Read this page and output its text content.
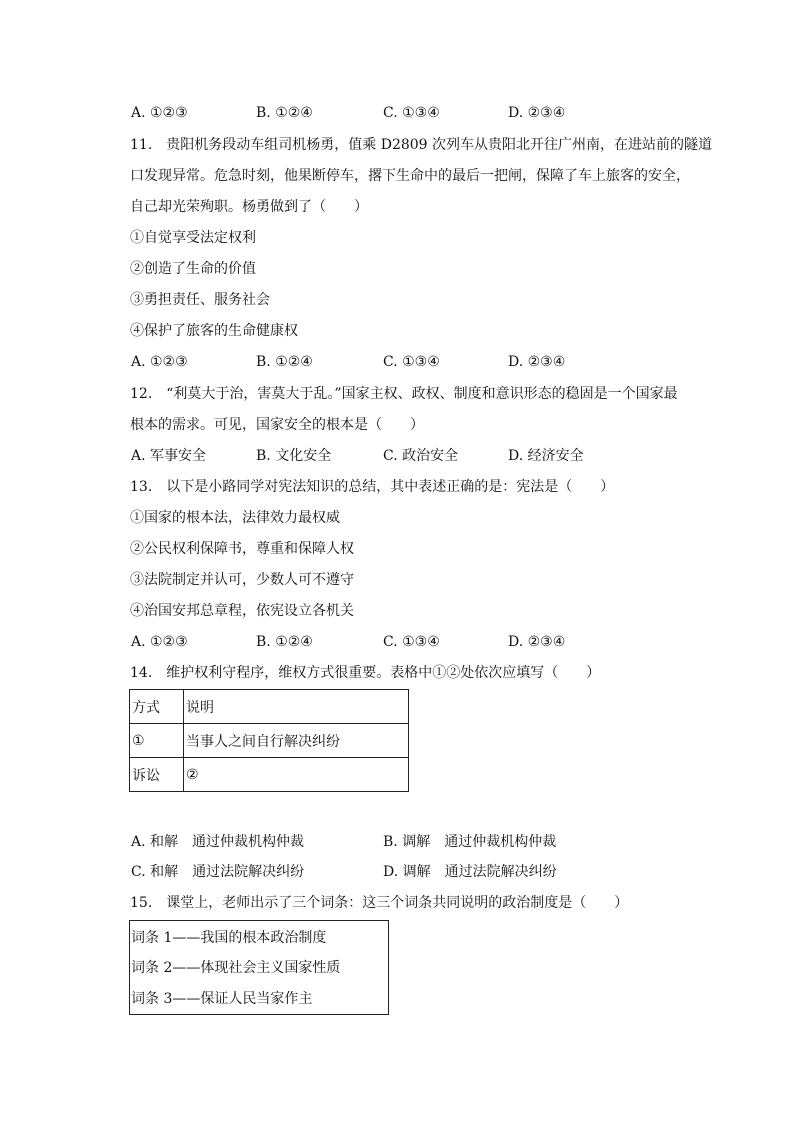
A. ①②③	B. ①②④	C. ①③④	D. ②③④
11.　贵阳机务段动车组司机杨勇，值乘 D2809 次列车从贵阳北开往广州南，在进站前的隧道
口发现异常。危急时刻，他果断停车，撂下生命中的最后一把闸，保障了车上旅客的安全，
自己却光荣殉职。杨勇做到了（　　）
①自觉享受法定权利
②创造了生命的价值
③勇担责任、服务社会
④保护了旅客的生命健康权
A. ①②③	B. ①②④	C. ①③④	D. ②③④
12.　“利莫大于治，害莫大于乱。”国家主权、政权、制度和意识形态的稳固是一个国家最
根本的需求。可见，国家安全的根本是（　　）
A. 军事安全	B. 文化安全	C. 政治安全	D. 经济安全
13.　以下是小路同学对宪法知识的总结，其中表述正确的是：宪法是（　　）
①国家的根本法，法律效力最权威
②公民权利保障书，尊重和保障人权
③法院制定并认可，少数人可不遵守
④治国安邦总章程，依宪设立各机关
A. ①②③	B. ①②④	C. ①③④	D. ②③④
14.　维护权利守程序，维权方式很重要。表格中①②处依次应填写（　　）
方式	说明
①	当事人之间自行解决纠纷
诉讼	②
A. 和解　通过仲裁机构仲裁	B. 调解　通过仲裁机构仲裁
C. 和解　通过法院解决纠纷	D. 调解　通过法院解决纠纷
15.　课堂上，老师出示了三个词条：这三个词条共同说明的政治制度是（　　）
词条 1——我国的根本政治制度
词条 2——体现社会主义国家性质
词条 3——保证人民当家作主
